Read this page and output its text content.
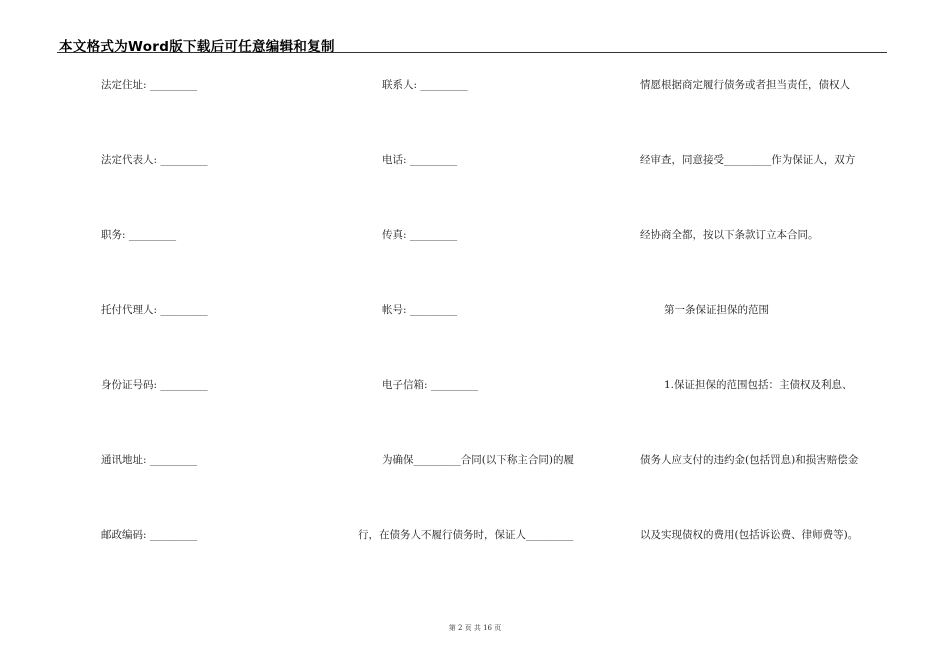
本文格式为Word版下载后可任意编辑和复制
法定住址: _________
法定代表人: _________
职务: _________
托付代理人: _________
身份证号码: _________
通讯地址: _________
邮政编码: _________
联系人: _________
电话: _________
传真: _________
帐号: _________
电子信箱: _________
为确保_________合同(以下称主合同)的履
行，在债务人不履行债务时，保证人_________
情愿根据商定履行债务或者担当责任，债权人
经审查，同意接受_________作为保证人，双方
经协商全都，按以下条款订立本合同。
第一条保证担保的范围
1.保证担保的范围包括：主债权及利息、
债务人应支付的违约金(包括罚息)和损害赔偿金
以及实现债权的费用(包括诉讼费、律师费等)。
第 2 页 共 16 页
